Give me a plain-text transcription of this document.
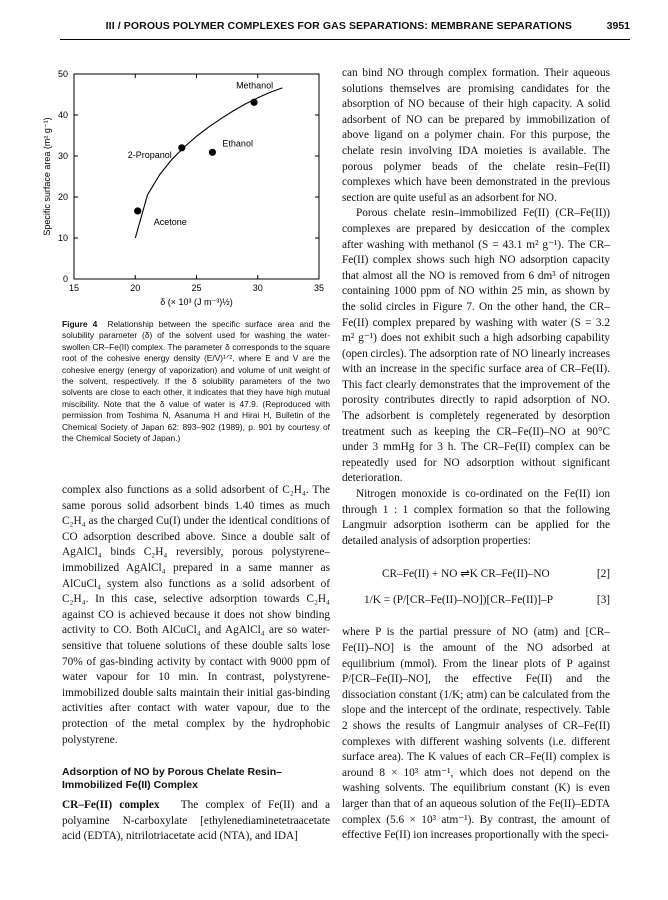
III / POROUS POLYMER COMPLEXES FOR GAS SEPARATIONS: MEMBRANE SEPARATIONS	3951
15	20	25	30	35
0
10
20
30
40
50
δ (× 10³ (J m⁻³)½)
Specific surface area (m² g⁻¹)
Methanol
Ethanol
2-Propanol
Acetone
Figure 4 Relationship between the specific surface area and the solubility parameter (δ) of the solvent used for washing the water-swollen CR–Fe(II) complex. The parameter δ corresponds to the square root of the cohesive energy density (E/V)¹ᐟ², where E and V are the cohesive energy (energy of vaporization) and volume of unit weight of the solvent, respectively. If the δ solubility parameters of the two solvents are close to each other, it indicates that they have high mutual miscibility. Note that the δ value of water is 47.9. (Reproduced with permission from Toshima N, Asanuma H and Hirai H, Bulletin of the Chemical Society of Japan 62: 893–902 (1989), p. 901 by courtesy of the Chemical Society of Japan.)

complex also functions as a solid adsorbent of C₂H₄. The same porous solid adsorbent binds 1.40 times as much C₂H₄ as the charged Cu(I) under the identical conditions of CO adsorption described above. Since a double salt of AgAlCl₄ binds C₂H₄ reversibly, porous polystyrene–immobilized AgAlCl₄ prepared in a same manner as AlCuCl₄ system also functions as a solid adsorbent of C₂H₄. In this case, selective adsorption towards C₂H₄ against CO is achieved because it does not show binding activity to CO. Both AlCuCl₄ and AgAlCl₄ are so water-sensitive that toluene solutions of these double salts lose 70% of gas-binding activity by contact with 9000 ppm of water vapour for 10 min. In contrast, polystyrene-immobilized double salts maintain their initial gas-binding activities after contact with water vapour, due to the protection of the metal complex by the hydrophobic polystyrene.

Adsorption of NO by Porous Chelate Resin–Immobilized Fe(II) Complex

CR–Fe(II) complex The complex of Fe(II) and a polyamine N-carboxylate [ethylenediaminetetraacetate acid (EDTA), nitrilotriacetate acid (NTA), and IDA]

can bind NO through complex formation. Their aqueous solutions themselves are promising candidates for the absorption of NO because of their high capacity. A solid adsorbent of NO can be prepared by immobilization of above ligand on a polymer chain. For this purpose, the chelate resin involving IDA moieties is available. The porous polymer beads of the chelate resin–Fe(II) complexes which have been demonstrated in the previous section are quite useful as an adsorbent for NO.

Porous chelate resin–immobilized Fe(II) (CR–Fe(II)) complexes are prepared by desiccation of the complex after washing with methanol (S = 43.1 m² g⁻¹). The CR–Fe(II) complex shows such high NO adsorption capacity that almost all the NO is removed from 6 dm³ of nitrogen containing 1000 ppm of NO within 25 min, as shown by the solid circles in Figure 7. On the other hand, the CR–Fe(II) complex prepared by washing with water (S = 3.2 m² g⁻¹) does not exhibit such a high adsorbing capability (open circles). The adsorption rate of NO linearly increases with an increase in the specific surface area of CR–Fe(II). This fact clearly demonstrates that the improvement of the porosity contributes directly to rapid adsorption of NO. The adsorbent is completely regenerated by desorption treatment such as keeping the CR–Fe(II)–NO at 90°C under 3 mmHg for 3 h. The CR–Fe(II) complex can be repeatedly used for NO adsorption without significant deterioration.

Nitrogen monoxide is co-ordinated on the Fe(II) ion through 1 : 1 complex formation so that the following Langmuir adsorption isotherm can be applied for the detailed analysis of adsorption properties:

CR–Fe(II) + NO ⇌K CR–Fe(II)–NO	[2]
1/K = (P/[CR–Fe(II)–NO])[CR–Fe(II)]–P	[3]

where P is the partial pressure of NO (atm) and [CR–Fe(II)–NO] is the amount of the NO adsorbed at equilibrium (mmol). From the linear plots of P against P/[CR–Fe(II)–NO], the effective Fe(II) and the dissociation constant (1/K; atm) can be calculated from the slope and the intercept of the ordinate, respectively. Table 2 shows the results of Langmuir analyses of CR–Fe(II) complexes with different washing solvents (i.e. different surface area). The K values of each CR–Fe(II) complex is around 8 × 10³ atm⁻¹, which does not depend on the washing solvents. The equilibrium constant (K) is even larger than that of an aqueous solution of the Fe(II)–EDTA complex (5.6 × 10³ atm⁻¹). By contrast, the amount of effective Fe(II) ion increases proportionally with the speci-
